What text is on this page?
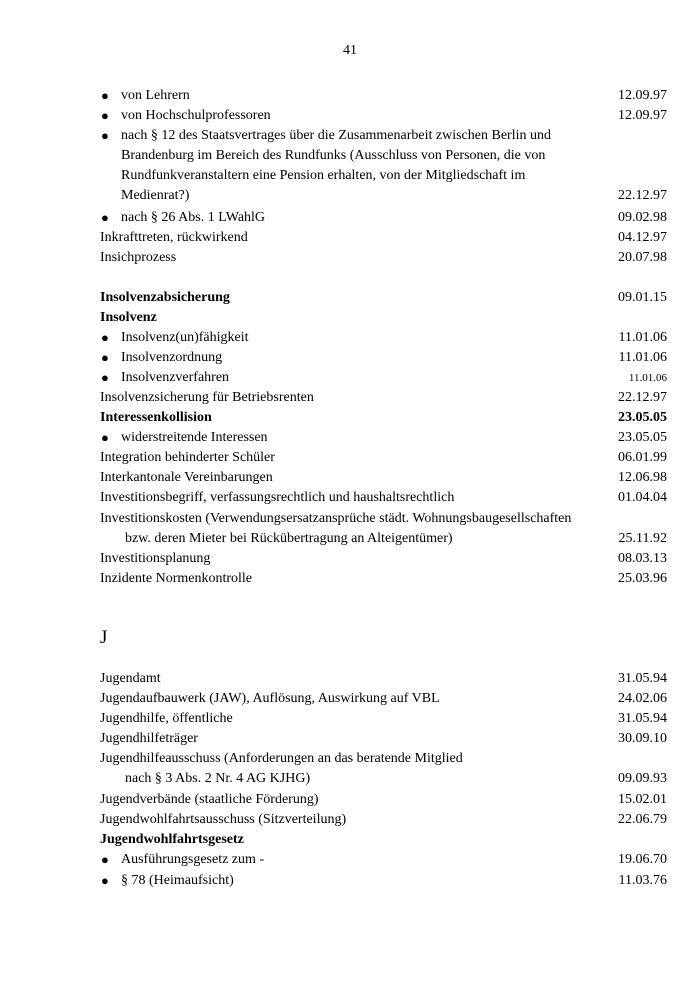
41
● von Lehrern	12.09.97
● von Hochschulprofessoren	12.09.97
● nach § 12 des Staatsvertrages über die Zusammenarbeit zwischen Berlin und
Brandenburg im Bereich des Rundfunks (Ausschluss von Personen, die von
Rundfunkveranstaltern eine Pension erhalten, von der Mitgliedschaft im
Medienrat?)	22.12.97
● nach § 26 Abs. 1 LWahlG	09.02.98
Inkrafttreten, rückwirkend	04.12.97
Insichprozess	20.07.98
Insolvenzabsicherung	09.01.15
Insolvenz
● Insolvenz(un)fähigkeit	11.01.06
● Insolvenzordnung	11.01.06
● Insolvenzverfahren	11.01.06
Insolvenzsicherung für Betriebsrenten	22.12.97
Interessenkollision	23.05.05
● widerstreitende Interessen	23.05.05
Integration behinderter Schüler	06.01.99
Interkantonale Vereinbarungen	12.06.98
Investitionsbegriff, verfassungsrechtlich und haushaltsrechtlich	01.04.04
Investitionskosten (Verwendungsersatzansprüche städt. Wohnungsbaugesellschaften
bzw. deren Mieter bei Rückübertragung an Alteigentümer)	25.11.92
Investitionsplanung	08.03.13
Inzidente Normenkontrolle	25.03.96
J
Jugendamt	31.05.94
Jugendaufbauwerk (JAW), Auflösung, Auswirkung auf VBL	24.02.06
Jugendhilfe, öffentliche	31.05.94
Jugendhilfeträger	30.09.10
Jugendhilfeausschuss (Anforderungen an das beratende Mitglied
nach § 3 Abs. 2 Nr. 4 AG KJHG)	09.09.93
Jugendverbände (staatliche Förderung)	15.02.01
Jugendwohlfahrtsausschuss (Sitzverteilung)	22.06.79
Jugendwohlfahrtsgesetz
● Ausführungsgesetz zum -	19.06.70
● § 78 (Heimaufsicht)	11.03.76
